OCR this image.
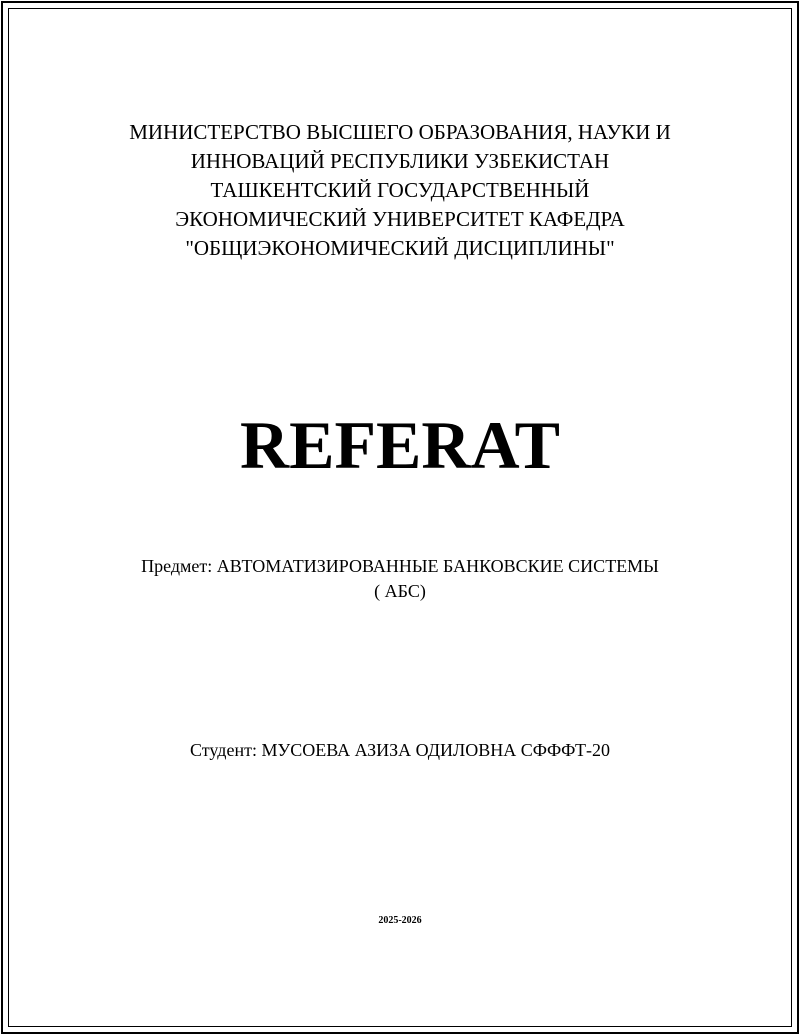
МИНИСТЕРСТВО ВЫСШЕГО ОБРАЗОВАНИЯ, НАУКИ И
ИННОВАЦИЙ РЕСПУБЛИКИ УЗБЕКИСТАН
ТАШКЕНТСКИЙ ГОСУДАРСТВЕННЫЙ
ЭКОНОМИЧЕСКИЙ УНИВЕРСИТЕТ КАФЕДРА
"ОБЩИЭКОНОМИЧЕСКИЙ ДИСЦИПЛИНЫ"
REFERAT
Предмет: АВТОМАТИЗИРОВАННЫЕ БАНКОВСКИЕ СИСТЕМЫ
( АБС)
Студент: МУСОЕВА АЗИЗА ОДИЛОВНА СФФФТ-20
2025-2026
